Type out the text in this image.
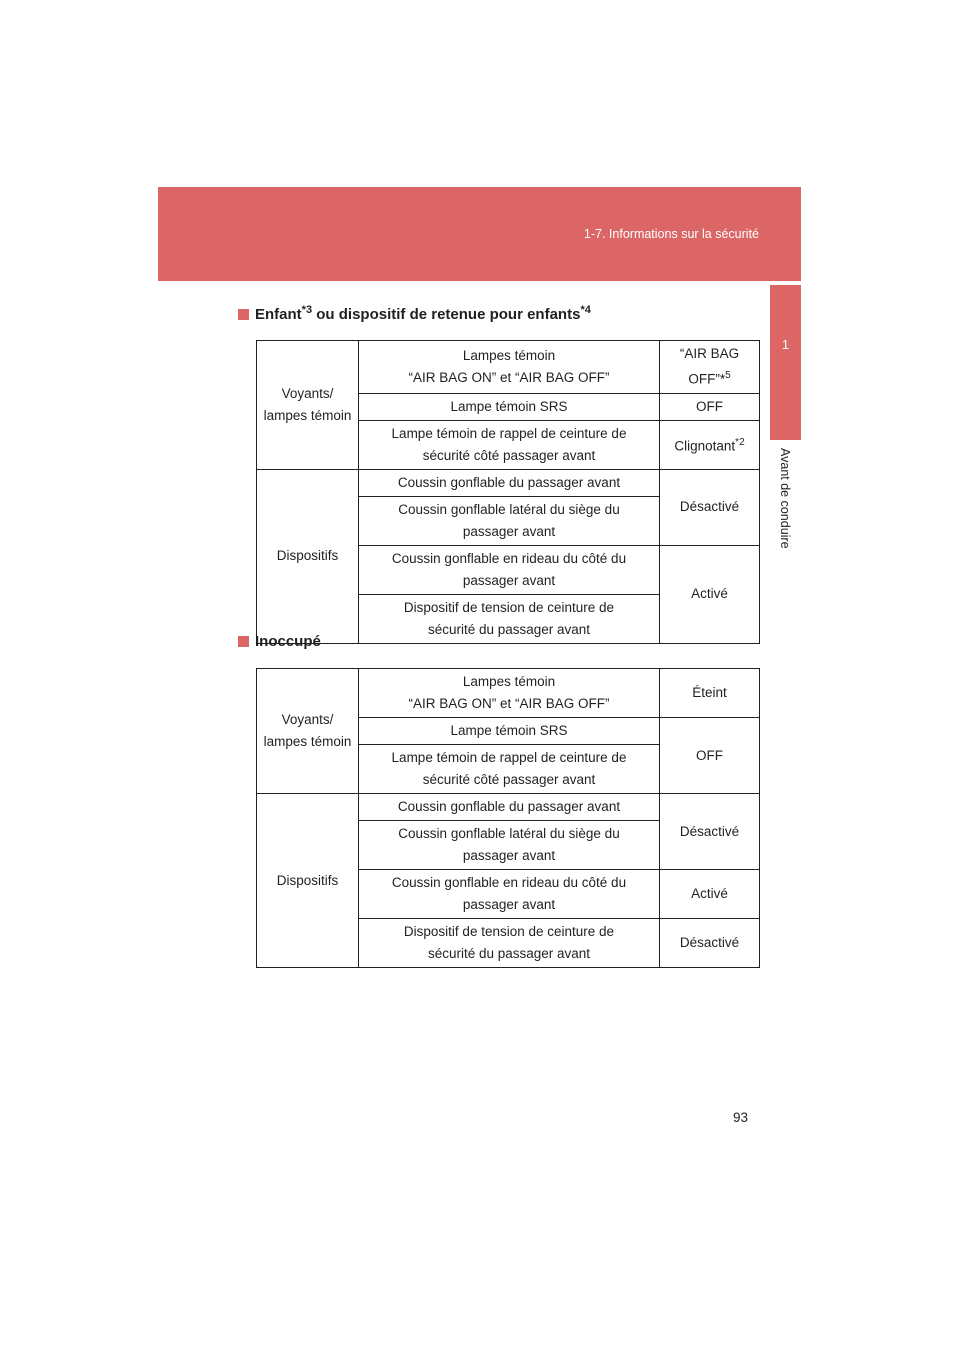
1-7. Informations sur la sécurité
1
Avant de conduire
Enfant$^{*3}$ ou dispositif de retenue pour enfants$^{*4}$
Voyants/ lampes témoin	Lampes témoin
“AIR BAG ON” et “AIR BAG OFF”	“AIR BAG OFF”*$^5$
	Lampe témoin SRS	OFF

	Lampe témoin de rappel de ceinture de
sécurité côté passager avant	Clignotant$^{*2}$
Dispositifs	Coussin gonflable du passager avant	Désactivé

	Coussin gonflable latéral du siège du
passager avant	

	Coussin gonflable en rideau du côté du
passager avant	Activé

	Dispositif de tension de ceinture de
sécurité du passager avant	
Inoccupé
Voyants/ lampes témoin	Lampes témoin
“AIR BAG ON” et “AIR BAG OFF”	Éteint
	Lampe témoin SRS	OFF

	Lampe témoin de rappel de ceinture de
sécurité côté passager avant	

Dispositifs	Coussin gonflable du passager avant	Désactivé

	Coussin gonflable latéral du siège du
passager avant	

	Coussin gonflable en rideau du côté du
passager avant	Activé

	Dispositif de tension de ceinture de
sécurité du passager avant	Désactivé
93
